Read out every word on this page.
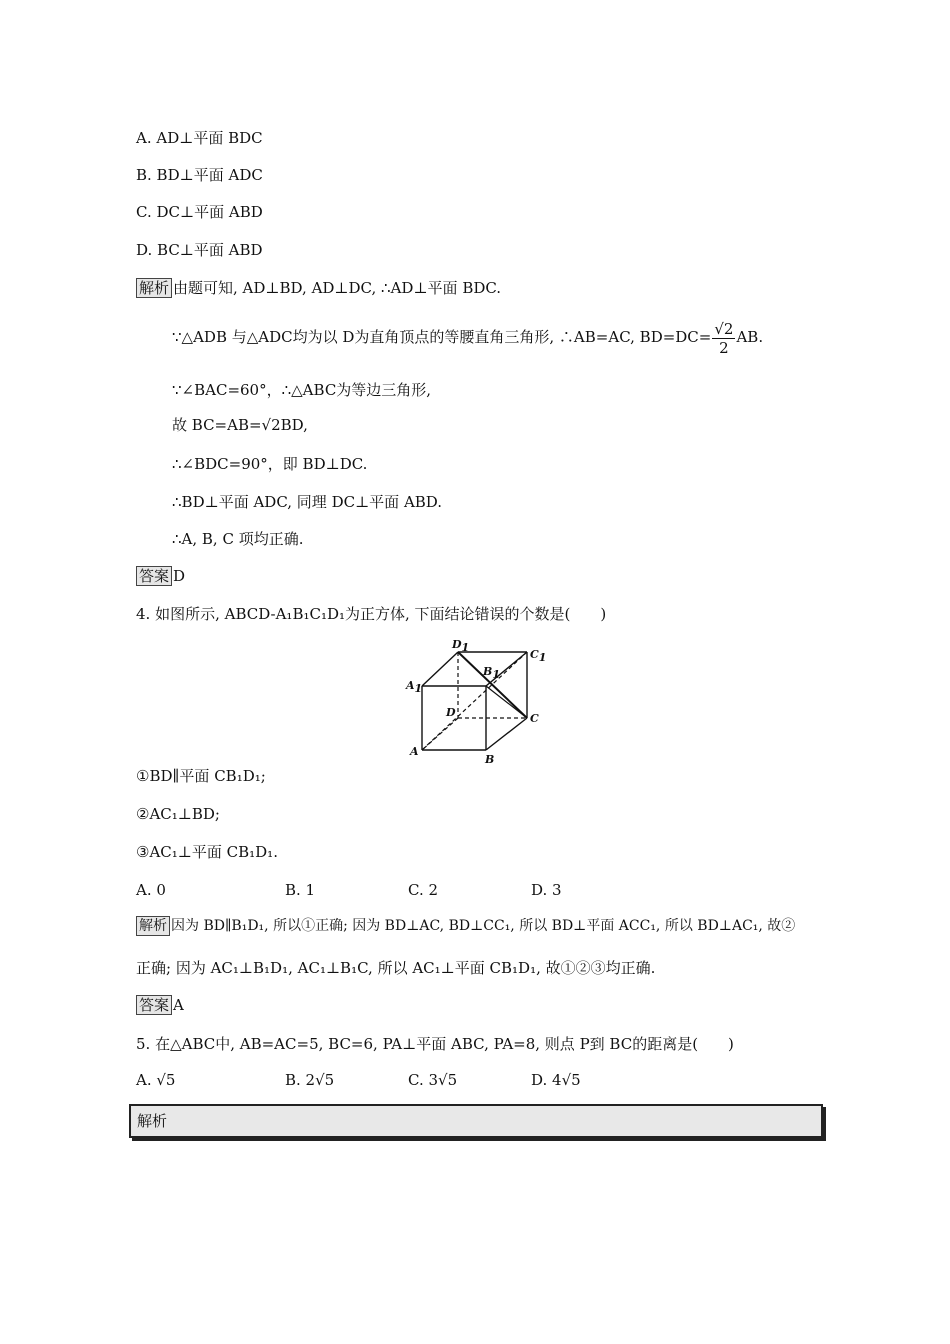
A. AD⊥平面 BDC
B. BD⊥平面 ADC
C. DC⊥平面 ABD
D. BC⊥平面 ABD
解析 由题可知, AD⊥BD, AD⊥DC, ∴AD⊥平面 BDC.
∵△ADB 与△ADC均为以 D为直角顶点的等腰直角三角形, ∴AB=AC, $BD=DC= \frac{√2}{2}$ AB.
∵∠BAC=60°，∴△ABC为等边三角形,
故 BC=AB=√2BD,
∴∠BDC=90°，即 BD⊥DC.
∴BD⊥平面 ADC, 同理 DC⊥平面 ABD.
∴A, B, C 项均正确.
答案 D
4. 如图所示, ABCD-A₁B₁C₁D₁为正方体, 下面结论错误的个数是(　　)
A1
D1
C1
B1
D	C
A
B
①BD∥平面 CB₁D₁;
②AC₁⊥BD;
③AC₁⊥平面 CB₁D₁.
A. 0	B. 1	C. 2	D. 3
解析 因为 BD∥B₁D₁, 所以①正确; 因为 BD⊥AC, BD⊥CC₁, 所以 BD⊥平面 ACC₁, 所以 BD⊥AC₁, 故②
正确; 因为 AC₁⊥B₁D₁, AC₁⊥B₁C, 所以 AC₁⊥平面 CB₁D₁, 故①②③均正确.
答案 A
5. 在△ABC中, AB=AC=5, BC=6, PA⊥平面 ABC, PA=8, 则点 P到 BC的距离是(　　)
A. √5	B. 2√5	C. 3√5	D. 4√5
解析
